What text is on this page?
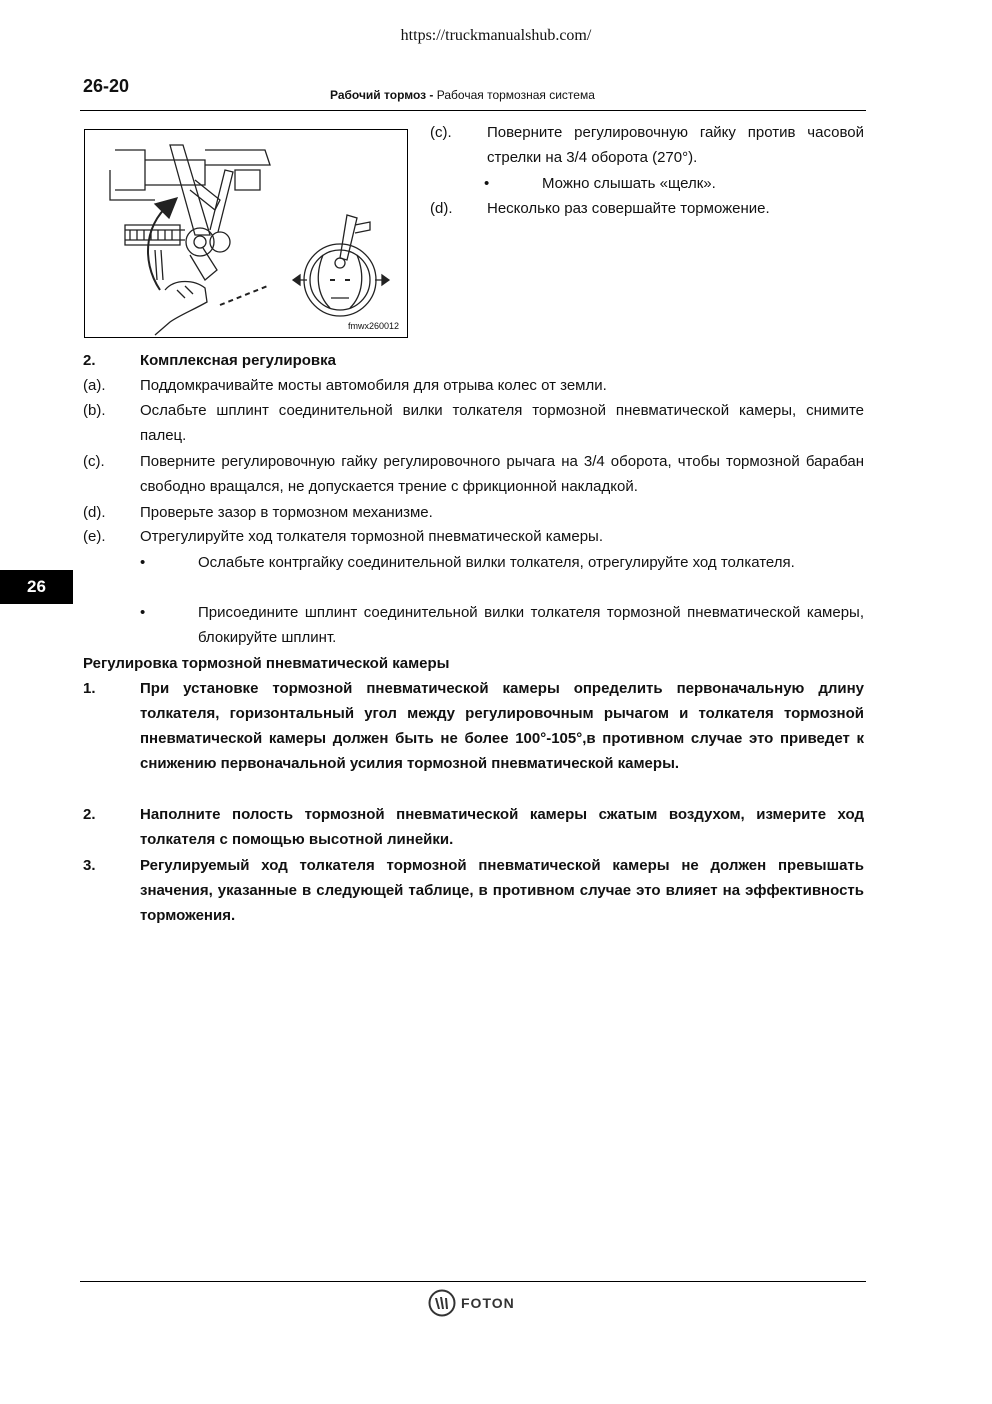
https://truckmanualshub.com/
26-20	Рабочий тормоз - Рабочая тормозная система
fmwx260012
(c). Поверните регулировочную гайку против часовой стрелки на 3/4 оборота (270°).
•	Можно слышать «щелк».
(d). Несколько раз совершайте торможение.
2.	Комплексная регулировка
(a). Поддомкрачивайте мосты автомобиля для отрыва колес от земли.
(b). Ослабьте шплинт соединительной вилки толкателя тормозной пневматической камеры, снимите палец.
(c). Поверните регулировочную гайку регулировочного рычага на 3/4 оборота, чтобы тормозной барабан свободно вращался, не допускается трение с фрикционной накладкой.
(d). Проверьте зазор в тормозном механизме.
(e). Отрегулируйте ход толкателя тормозной пневматической камеры.
•	Ослабьте контргайку соединительной вилки толкателя, отрегулируйте ход толкателя.
•	Присоедините шплинт соединительной вилки толкателя тормозной пневматической камеры, блокируйте шплинт.
26
Регулировка тормозной пневматической камеры
1.	При установке тормозной пневматической камеры определить первоначальную длину толкателя, горизонтальный угол между регулировочным рычагом и толкателя тормозной пневматической камеры должен быть не более 100°-105°,в противном случае это приведет к снижению первоначальной усилия тормозной пневматической камеры.
2.	Наполните полость тормозной пневматической камеры сжатым воздухом, измерите ход толкателя с помощью высотной линейки.
3.	Регулируемый ход толкателя тормозной пневматической камеры не должен превышать значения, указанные в следующей таблице, в противном случае это влияет на эффективность торможения.
FOTON
